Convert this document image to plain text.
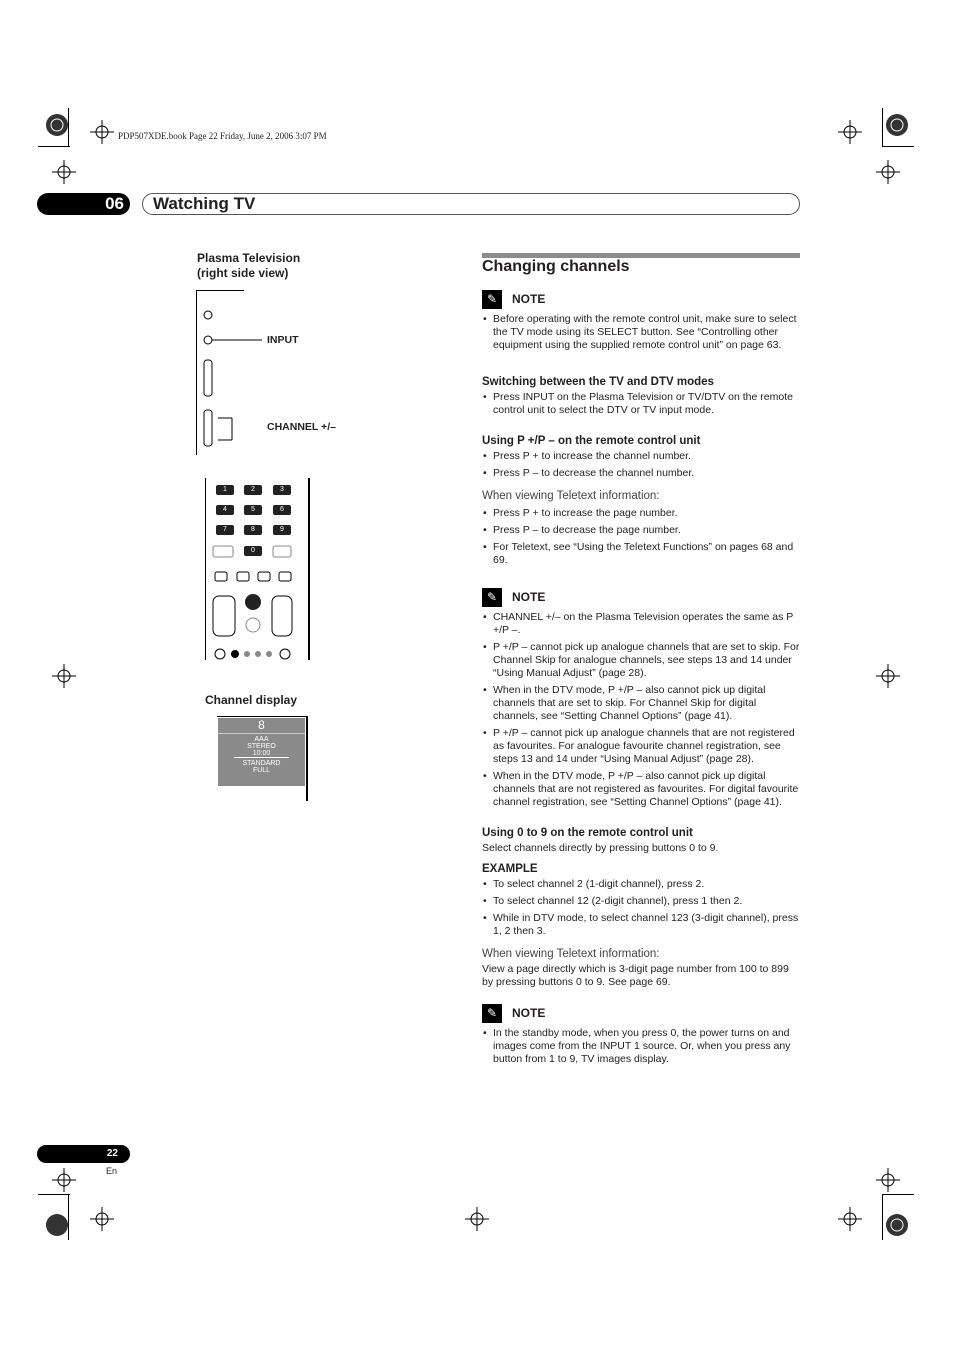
PDP507XDE.book Page 22 Friday, June 2, 2006 3:07 PM
06	Watching TV
Plasma Television
(right side view)
INPUT
CHANNEL +/–
1	2	3
4	5	6
7	8	9
0
Channel display
8
AAA
STEREO
10:00
STANDARD
FULL
Changing channels
✎	NOTE
• Before operating with the remote control unit, make sure to select the TV mode using its SELECT button. See “Controlling other equipment using the supplied remote control unit” on page 63.
Switching between the TV and DTV modes
• Press INPUT on the Plasma Television or TV/DTV on the remote control unit to select the DTV or TV input mode.
Using P +/P – on the remote control unit
• Press P + to increase the channel number.
• Press P – to decrease the channel number.
When viewing Teletext information:
• Press P + to increase the page number.
• Press P – to decrease the page number.
• For Teletext, see “Using the Teletext Functions” on pages 68 and 69.
✎	NOTE
• CHANNEL +/– on the Plasma Television operates the same as P +/P –.
• P +/P – cannot pick up analogue channels that are set to skip. For Channel Skip for analogue channels, see steps 13 and 14 under “Using Manual Adjust” (page 28).
• When in the DTV mode, P +/P – also cannot pick up digital channels that are set to skip. For Channel Skip for digital channels, see “Setting Channel Options” (page 41).
• P +/P – cannot pick up analogue channels that are not registered as favourites. For analogue favourite channel registration, see steps 13 and 14 under “Using Manual Adjust” (page 28).
• When in the DTV mode, P +/P – also cannot pick up digital channels that are not registered as favourites. For digital favourite channel registration, see “Setting Channel Options” (page 41).
Using 0 to 9 on the remote control unit

Select channels directly by pressing buttons 0 to 9.

EXAMPLE
• To select channel 2 (1-digit channel), press 2.
• To select channel 12 (2-digit channel), press 1 then 2.
• While in DTV mode, to select channel 123 (3-digit channel), press 1, 2 then 3.
When viewing Teletext information:

View a page directly which is 3-digit page number from 100 to 899 by pressing buttons 0 to 9. See page 69.

✎	NOTE
• In the standby mode, when you press 0, the power turns on and images come from the INPUT 1 source. Or, when you press any button from 1 to 9, TV images display.
22
En
